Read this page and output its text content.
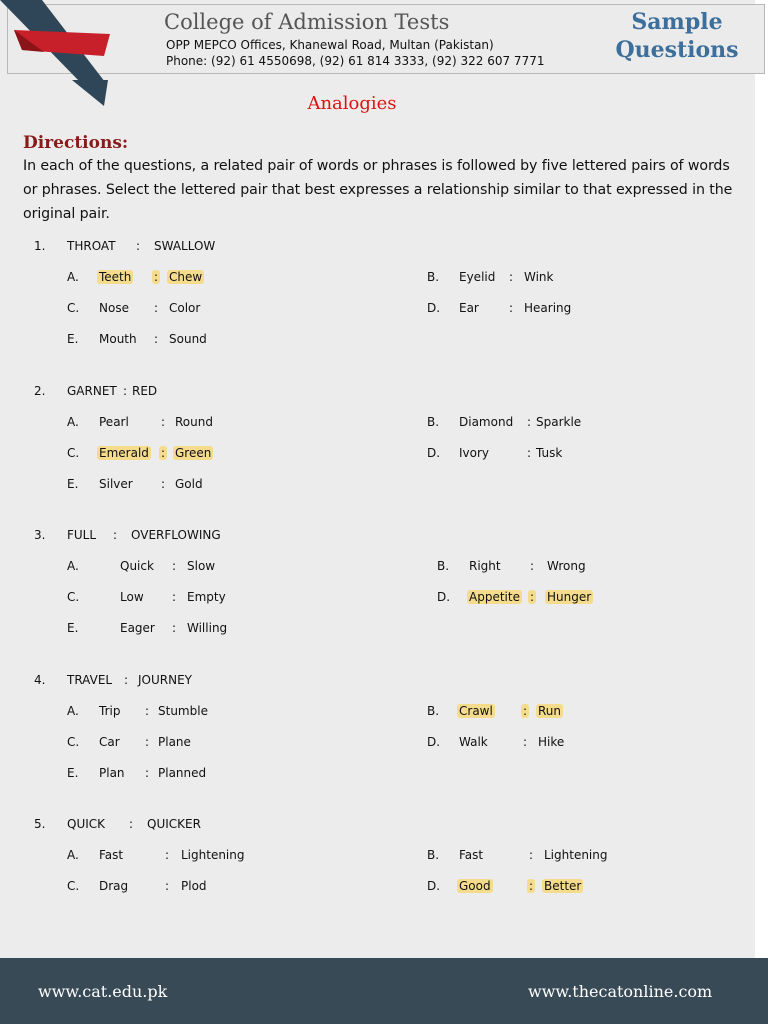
College of Admission Tests
OPP MEPCO Offices, Khanewal Road, Multan (Pakistan)
Phone: (92) 61 4550698, (92) 61 814 3333, (92) 322 607 7771
Sample
Questions
Analogies
Directions:
In each of the questions, a related pair of words or phrases is followed by five lettered pairs of words or phrases. Select the lettered pair that best expresses a relationship similar to that expressed in the original pair.
1. THROAT : SWALLOW
A. Teeth : Chew	B. Eyelid : Wink
C. Nose : Color	D. Ear	: Hearing
E. Mouth : Sound
2. GARNET : RED
A. Pearl	: Round	B. Diamond : Sparkle
C. Emerald : Green	D. Ivory	: Tusk
E. Silver : Gold
3. FULL : OVERFLOWING
A.	Quick : Slow	B. Right : Wrong
C.	Low : Empty	D. Appetite : Hunger
E.	Eager : Willing
4. TRAVEL : JOURNEY
A. Trip : Stumble	B. Crawl	: Run
C. Car : Plane	D. Walk	: Hike
E. Plan : Planned
5. QUICK : QUICKER
A. Fast	: Lightening	B. Fast	: Lightening
C. Drag	: Plod	D. Good	: Better
www.cat.edu.pk	www.thecatonline.com
